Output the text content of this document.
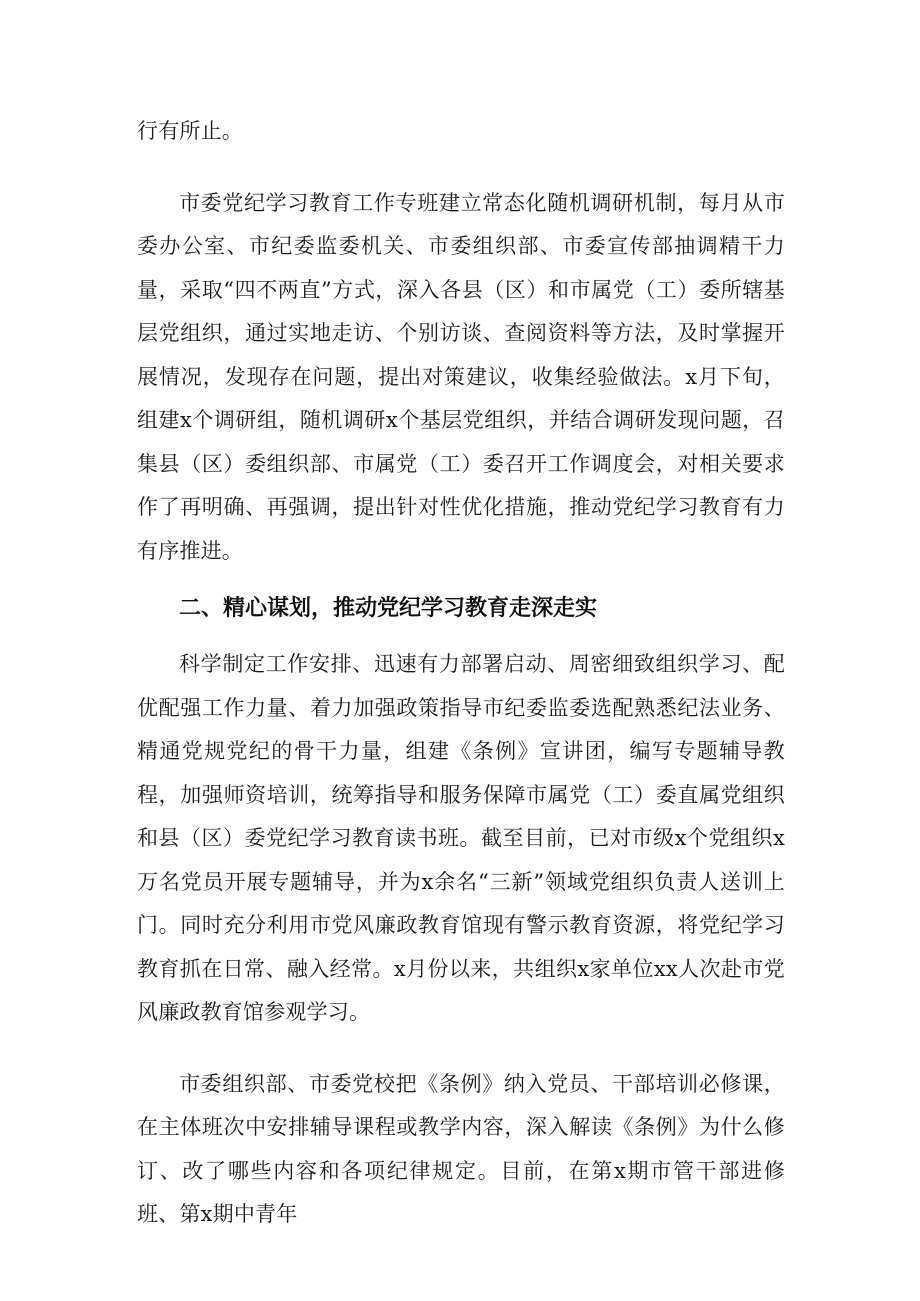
行有所止。

市委党纪学习教育工作专班建立常态化随机调研机制，每月从市委办公室、市纪委监委机关、市委组织部、市委宣传部抽调精干力量，采取“四不两直”方式，深入各县（区）和市属党（工）委所辖基层党组织，通过实地走访、个别访谈、查阅资料等方法，及时掌握开展情况，发现存在问题，提出对策建议，收集经验做法。x月下旬，组建x个调研组，随机调研x个基层党组织，并结合调研发现问题，召集县（区）委组织部、市属党（工）委召开工作调度会，对相关要求作了再明确、再强调，提出针对性优化措施，推动党纪学习教育有力有序推进。

二、精心谋划，推动党纪学习教育走深走实

科学制定工作安排、迅速有力部署启动、周密细致组织学习、配优配强工作力量、着力加强政策指导市纪委监委选配熟悉纪法业务、精通党规党纪的骨干力量，组建《条例》宣讲团，编写专题辅导教程，加强师资培训，统筹指导和服务保障市属党（工）委直属党组织和县（区）委党纪学习教育读书班。截至目前，已对市级x个党组织x万名党员开展专题辅导，并为x余名“三新”领域党组织负责人送训上门。同时充分利用市党风廉政教育馆现有警示教育资源，将党纪学习教育抓在日常、融入经常。x月份以来，共组织x家单位xx人次赴市党风廉政教育馆参观学习。

市委组织部、市委党校把《条例》纳入党员、干部培训必修课，在主体班次中安排辅导课程或教学内容，深入解读《条例》为什么修订、改了哪些内容和各项纪律规定。目前，在第x期市管干部进修班、第x期中青年
